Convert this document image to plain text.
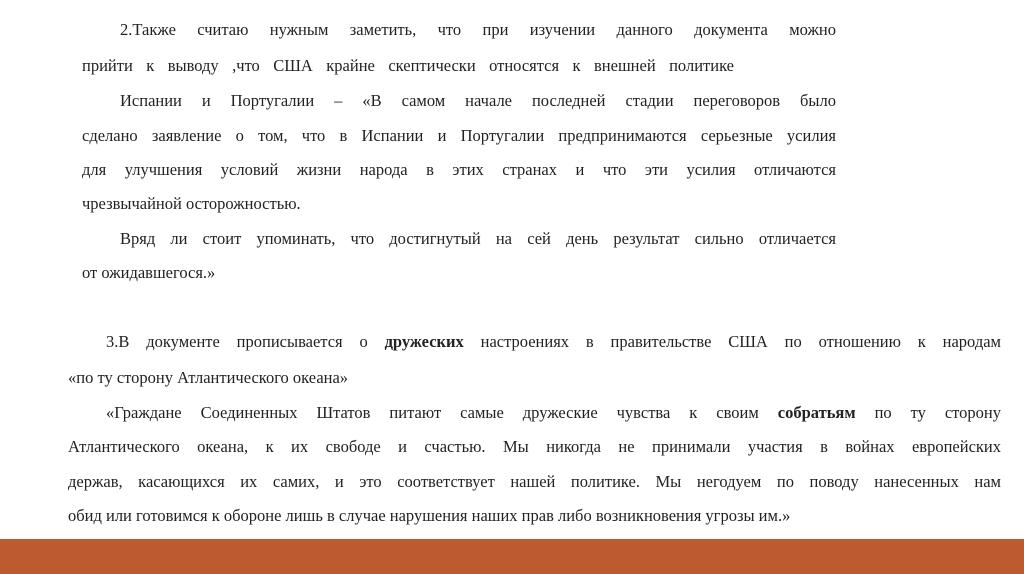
2.Также считаю нужным заметить, что при изучении данного документа можно

прийти к выводу ,что США крайне скептически относятся к внешней политике

Испании и Португалии – «В самом начале последней стадии переговоров было

сделано заявление о том, что в Испании и Португалии предпринимаются серьезные усилия

для улучшения условий жизни народа в этих странах и что эти усилия отличаются

чрезвычайной осторожностью.

Вряд ли стоит упоминать, что достигнутый на сей день результат сильно отличается

от ожидавшегося.»

3.В документе прописывается о дружеских настроениях в правительстве США по отношению к народам

«по ту сторону Атлантического океана»

«Граждане Соединенных Штатов питают самые дружеские чувства к своим собратьям по ту сторону

Атлантического океана, к их свободе и счастью. Мы никогда не принимали участия в войнах европейских

держав, касающихся их самих, и это соответствует нашей политике. Мы негодуем по поводу нанесенных нам

обид или готовимся к обороне лишь в случае нарушения наших прав либо возникновения угрозы им.»
